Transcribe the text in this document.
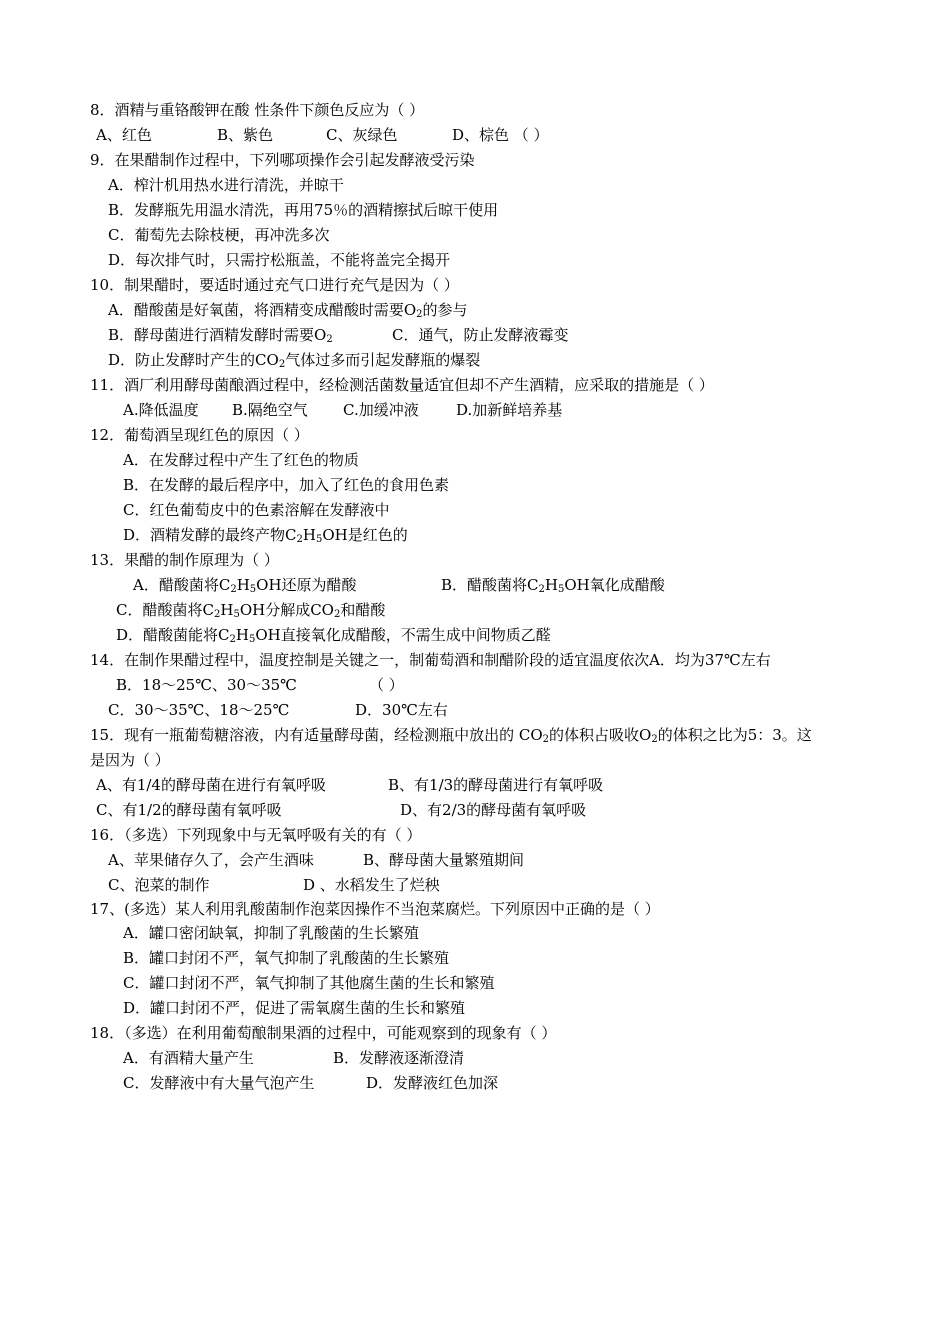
8．酒精与重铬酸钾在酸 性条件下颜色反应为（ ）
A、红色	B、紫色	C、灰绿色	D、棕色 （ ）
9．在果醋制作过程中，下列哪项操作会引起发酵液受污染
A．榨汁机用热水进行清洗，并晾干
B．发酵瓶先用温水清洗，再用75％的酒精擦拭后晾干使用
C．葡萄先去除枝梗，再冲洗多次
D．每次排气时，只需拧松瓶盖，不能将盖完全揭开
10．制果醋时，要适时通过充气口进行充气是因为（ ）
A．醋酸菌是好氧菌，将酒精变成醋酸时需要$O_2$的参与
B．酵母菌进行酒精发酵时需要$O_2$	C．通气，防止发酵液霉变
D．防止发酵时产生的$CO_2$气体过多而引起发酵瓶的爆裂
11．酒厂利用酵母菌酿酒过程中，经检测活菌数量适宜但却不产生酒精，应采取的措施是（ ）
A.降低温度 B.隔绝空气 C.加缓冲液 D.加新鲜培养基
12．葡萄酒呈现红色的原因（ ）
A．在发酵过程中产生了红色的物质
B．在发酵的最后程序中，加入了红色的食用色素
C．红色葡萄皮中的色素溶解在发酵液中
D．酒精发酵的最终产物$C_2H_5OH$是红色的
13．果醋的制作原理为（ ）
A．醋酸菌将$C_2H_5OH$还原为醋酸	B．醋酸菌将$C_2H_5OH$氧化成醋酸
C．醋酸菌将$C_2H_5OH$分解成$CO_2$和醋酸
D．醋酸菌能将$C_2H_5OH$直接氧化成醋酸，不需生成中间物质乙醛
14．在制作果醋过程中，温度控制是关键之一，制葡萄酒和制醋阶段的适宜温度依次A．均为37℃左右
B．18～25℃、30～35℃	（ ）
C．30～35℃、18～25℃	D．30℃左右
15．现有一瓶葡萄糖溶液，内有适量酵母菌，经检测瓶中放出的 $CO_2$的体积占吸收$O_2$的体积之比为5：3。这
是因为（ ）
A、有1/4的酵母菌在进行有氧呼吸	B、有1/3的酵母菌进行有氧呼吸
C、有1/2的酵母菌有氧呼吸	D、有2/3的酵母菌有氧呼吸
16．（多选）下列现象中与无氧呼吸有关的有（ ）
A、苹果储存久了，会产生酒味	B、酵母菌大量繁殖期间
C、泡菜的制作	D 、水稻发生了烂秧
17、(多选）某人利用乳酸菌制作泡菜因操作不当泡菜腐烂。下列原因中正确的是（ ）
A．罐口密闭缺氧，抑制了乳酸菌的生长繁殖
B．罐口封闭不严，氧气抑制了乳酸菌的生长繁殖
C．罐口封闭不严，氧气抑制了其他腐生菌的生长和繁殖
D．罐口封闭不严，促进了需氧腐生菌的生长和繁殖
18．（多选）在利用葡萄酿制果酒的过程中，可能观察到的现象有（ ）
A．有酒精大量产生	B．发酵液逐渐澄清
C．发酵液中有大量气泡产生	D．发酵液红色加深
